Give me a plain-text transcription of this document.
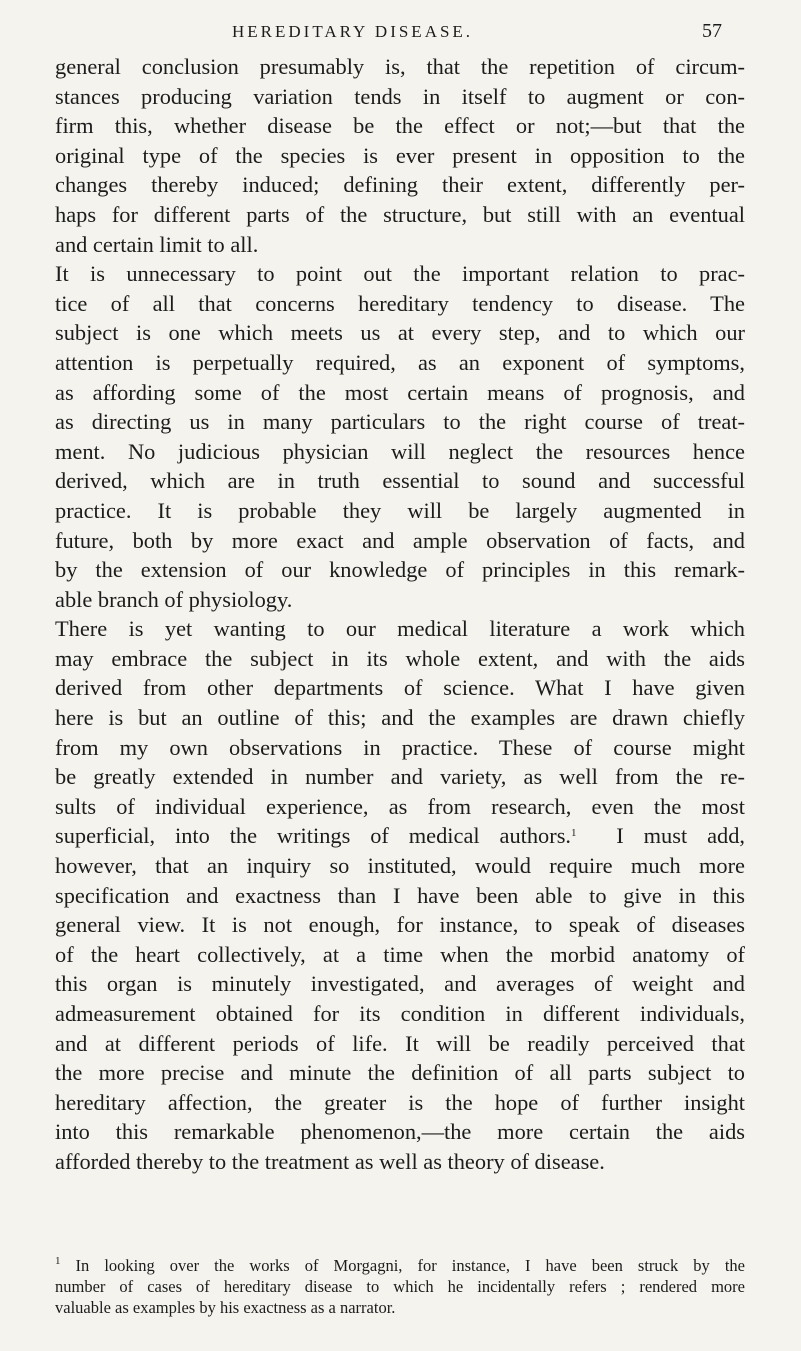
HEREDITARY DISEASE.	57
general conclusion presumably is, that the repetition of circum-
stances producing variation tends in itself to augment or con-
firm this, whether disease be the effect or not;—but that the
original type of the species is ever present in opposition to the
changes thereby induced; defining their extent, differently per-
haps for different parts of the structure, but still with an eventual
and certain limit to all.
It is unnecessary to point out the important relation to prac-
tice of all that concerns hereditary tendency to disease. The
subject is one which meets us at every step, and to which our
attention is perpetually required, as an exponent of symptoms,
as affording some of the most certain means of prognosis, and
as directing us in many particulars to the right course of treat-
ment. No judicious physician will neglect the resources hence
derived, which are in truth essential to sound and successful
practice. It is probable they will be largely augmented in
future, both by more exact and ample observation of facts, and
by the extension of our knowledge of principles in this remark-
able branch of physiology.
There is yet wanting to our medical literature a work which
may embrace the subject in its whole extent, and with the aids
derived from other departments of science. What I have given
here is but an outline of this; and the examples are drawn chiefly
from my own observations in practice. These of course might
be greatly extended in number and variety, as well from the re-
sults of individual experience, as from research, even the most
superficial, into the writings of medical authors.$^1$ I must add,
however, that an inquiry so instituted, would require much more
specification and exactness than I have been able to give in this
general view. It is not enough, for instance, to speak of diseases
of the heart collectively, at a time when the morbid anatomy of
this organ is minutely investigated, and averages of weight and
admeasurement obtained for its condition in different individuals,
and at different periods of life. It will be readily perceived that
the more precise and minute the definition of all parts subject to
hereditary affection, the greater is the hope of further insight
into this remarkable phenomenon,—the more certain the aids
afforded thereby to the treatment as well as theory of disease.
$^1$ In looking over the works of Morgagni, for instance, I have been struck by the
number of cases of hereditary disease to which he incidentally refers ; rendered more
valuable as examples by his exactness as a narrator.
